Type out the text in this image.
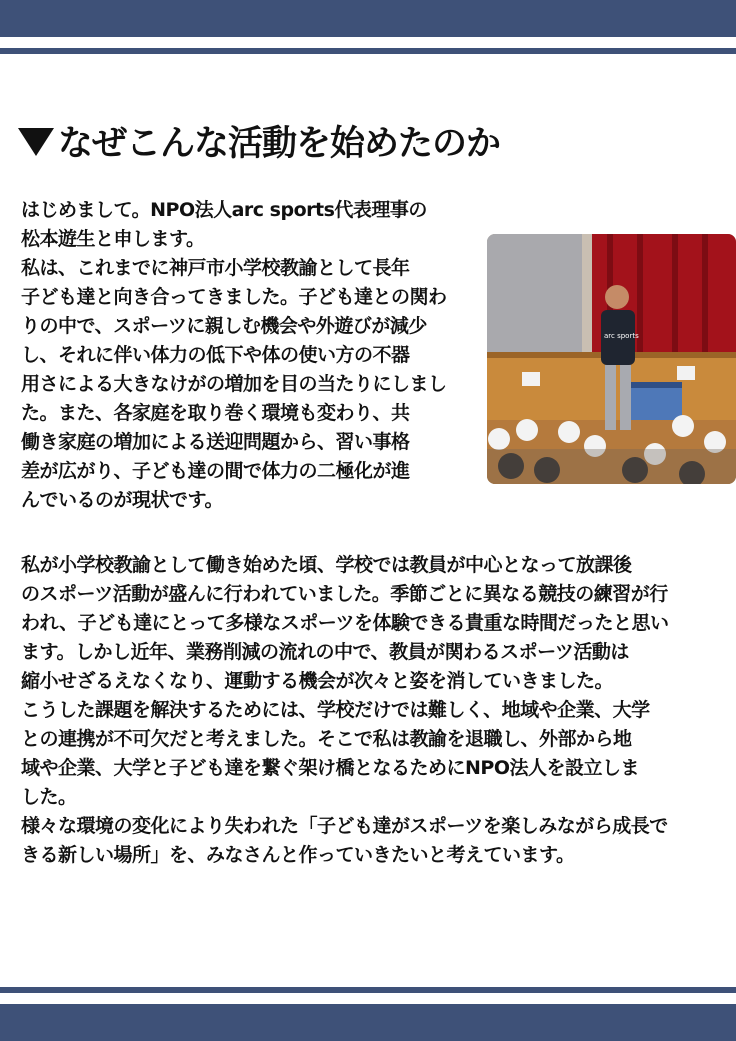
なぜこんな活動を始めたのか
はじめまして。NPO法人arc sports代表理事の
松本遊生と申します。
私は、これまでに神戸市小学校教諭として長年
子ども達と向き合ってきました。子ども達との関わ
りの中で、スポーツに親しむ機会や外遊びが減少
し、それに伴い体力の低下や体の使い方の不器
用さによる大きなけがの増加を目の当たりにしまし
た。また、各家庭を取り巻く環境も変わり、共
働き家庭の増加による送迎問題から、習い事格
差が広がり、子ども達の間で体力の二極化が進
んでいるのが現状です。
arc sports
私が小学校教諭として働き始めた頃、学校では教員が中心となって放課後
のスポーツ活動が盛んに行われていました。季節ごとに異なる競技の練習が行
われ、子ども達にとって多様なスポーツを体験できる貴重な時間だったと思い
ます。しかし近年、業務削減の流れの中で、教員が関わるスポーツ活動は
縮小せざるえなくなり、運動する機会が次々と姿を消していきました。
こうした課題を解決するためには、学校だけでは難しく、地域や企業、大学
との連携が不可欠だと考えました。そこで私は教諭を退職し、外部から地
域や企業、大学と子ども達を繋ぐ架け橋となるためにNPO法人を設立しま
した。
様々な環境の変化により失われた「子ども達がスポーツを楽しみながら成長で
きる新しい場所」を、みなさんと作っていきたいと考えています。
